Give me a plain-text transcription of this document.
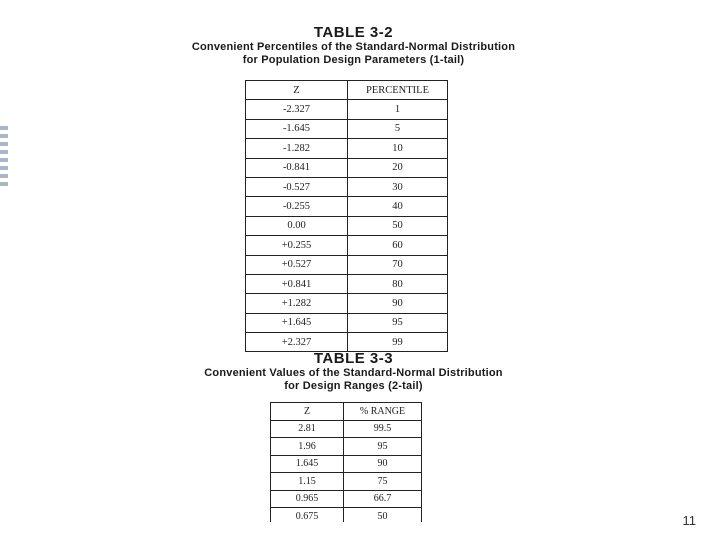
TABLE 3-2

Convenient Percentiles of the Standard-Normal Distribution

for Population Design Parameters (1-tail)

Z	PERCENTILE
-2.327	1
-1.645	5
-1.282	10
-0.841	20
-0.527	30
-0.255	40
0.00	50
+0.255	60
+0.527	70
+0.841	80
+1.282	90
+1.645	95
+2.327	99

TABLE 3-3

Convenient Values of the Standard-Normal Distribution

for Design Ranges (2-tail)

Z	% RANGE
2.81	99.5
1.96	95
1.645	90
1.15	75
0.965	66.7
0.675	50	11
